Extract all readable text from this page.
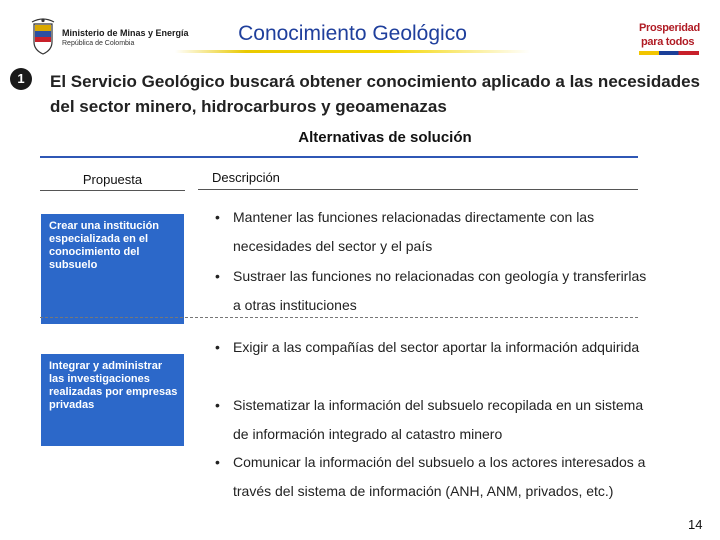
Ministerio de Minas y Energía
República de Colombia	Conocimiento Geológico	Prosperidad
para todos
1	El Servicio Geológico buscará obtener conocimiento aplicado a las necesidades del sector minero, hidrocarburos y geoamenazas
Alternativas de solución
Propuesta	Descripción
Crear una institución especializada en el conocimiento del subsuelo
• Mantener las funciones relacionadas directamente con las necesidades del sector y el país
• Sustraer las funciones no relacionadas con geología y transferirlas a otras instituciones
Integrar y administrar las investigaciones realizadas por empresas privadas
• Exigir a las compañías del sector aportar la información adquirida
• Sistematizar la información del subsuelo recopilada en un sistema de información integrado al catastro minero
• Comunicar la información del subsuelo a los actores interesados a través del sistema de información (ANH, ANM, privados, etc.)
14
